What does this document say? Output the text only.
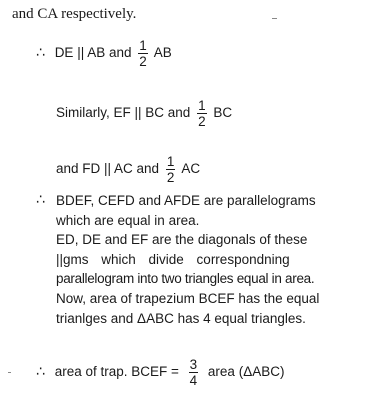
and CA respectively.
∴ DE || AB and $\frac{1}{2}$ AB
Similarly, EF || BC and $\frac{1}{2}$ BC
and FD || AC and $\frac{1}{2}$ AC
∴ BDEF, CEFD and AFDE are parallelograms
which are equal in area.
ED, DE and EF are the diagonals of these
||gms which divide correspondning
parallelogram into two triangles equal in area.
Now, area of trapezium BCEF has the equal
trianlges and ΔABC has 4 equal triangles.
∴ area of trap. BCEF = $\frac{3}{4}$ area (ΔABC)
